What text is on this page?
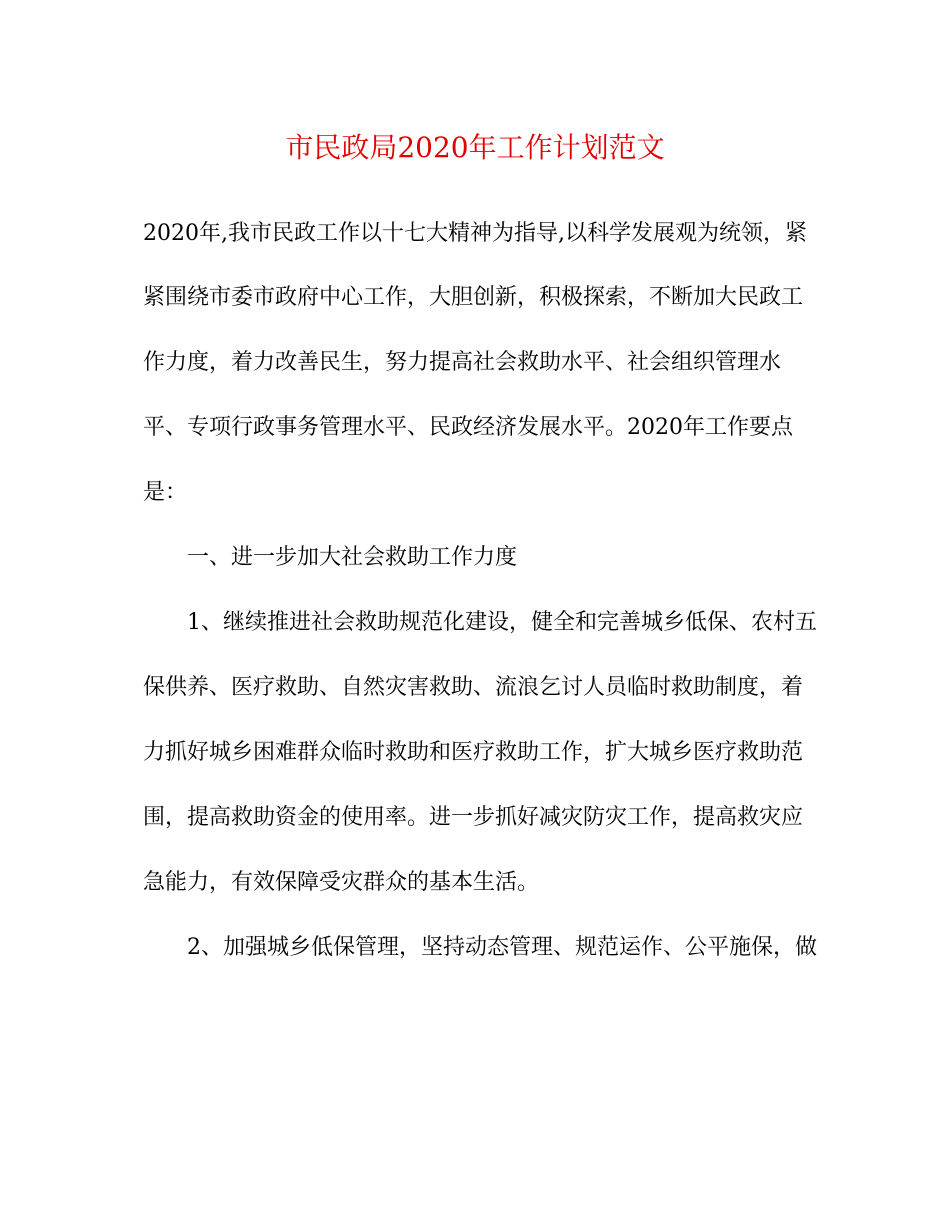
市民政局2020年工作计划范文

2020年,我市民政工作以十七大精神为指导,以科学发展观为统领，紧

紧围绕市委市政府中心工作，大胆创新，积极探索，不断加大民政工

作力度，着力改善民生，努力提高社会救助水平、社会组织管理水

平、专项行政事务管理水平、民政经济发展水平。2020年工作要点

是：

一、进一步加大社会救助工作力度

1、继续推进社会救助规范化建设，健全和完善城乡低保、农村五

保供养、医疗救助、自然灾害救助、流浪乞讨人员临时救助制度，着

力抓好城乡困难群众临时救助和医疗救助工作，扩大城乡医疗救助范

围，提高救助资金的使用率。进一步抓好减灾防灾工作，提高救灾应

急能力，有效保障受灾群众的基本生活。

2、加强城乡低保管理，坚持动态管理、规范运作、公平施保，做
